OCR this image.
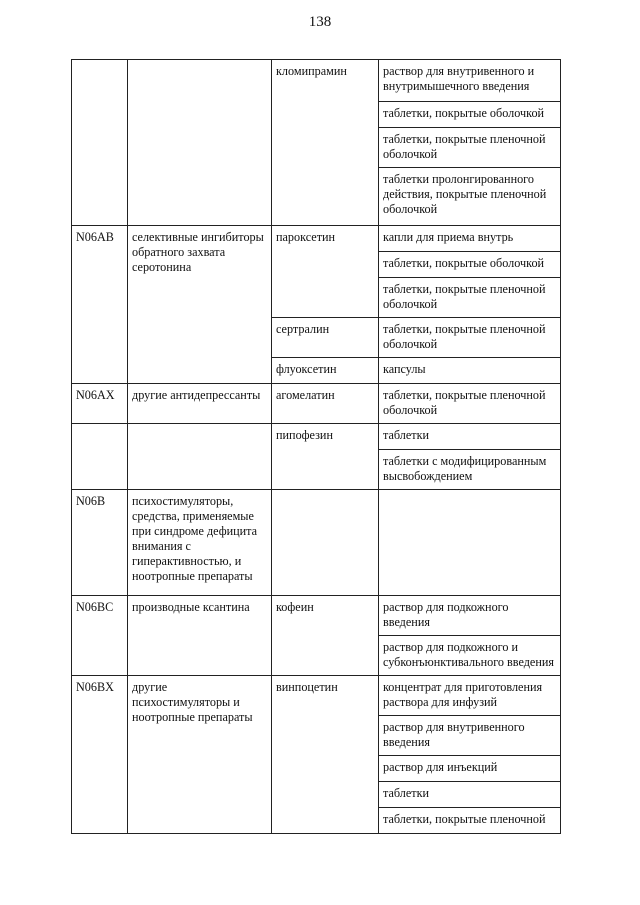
138
		кломипрамин	раствор для внутривенного и внутримышечного введения
			таблетки, покрытые оболочкой
			таблетки, покрытые пленочной оболочкой
			таблетки пролонгированного действия, покрытые пленочной оболочкой
N06AB	селективные ингибиторы обратного захвата серотонина	пароксетин	капли для приема внутрь
			таблетки, покрытые оболочкой
			таблетки, покрытые пленочной оболочкой
		сертралин	таблетки, покрытые пленочной оболочкой
		флуоксетин	капсулы
N06AX	другие антидепрессанты	агомелатин	таблетки, покрытые пленочной оболочкой
		пипофезин	таблетки
			таблетки с модифицированным высвобождением
N06B	психостимуляторы, средства, применяемые при синдроме дефицита внимания с гиперактивностью, и ноотропные препараты		
N06BC	производные ксантина	кофеин	раствор для подкожного введения
			раствор для подкожного и субконъюнктивального введения
N06BX	другие психостимуляторы и ноотропные препараты	винпоцетин	концентрат для приготовления раствора для инфузий
			раствор для внутривенного введения
			раствор для инъекций
			таблетки
			таблетки, покрытые пленочной
